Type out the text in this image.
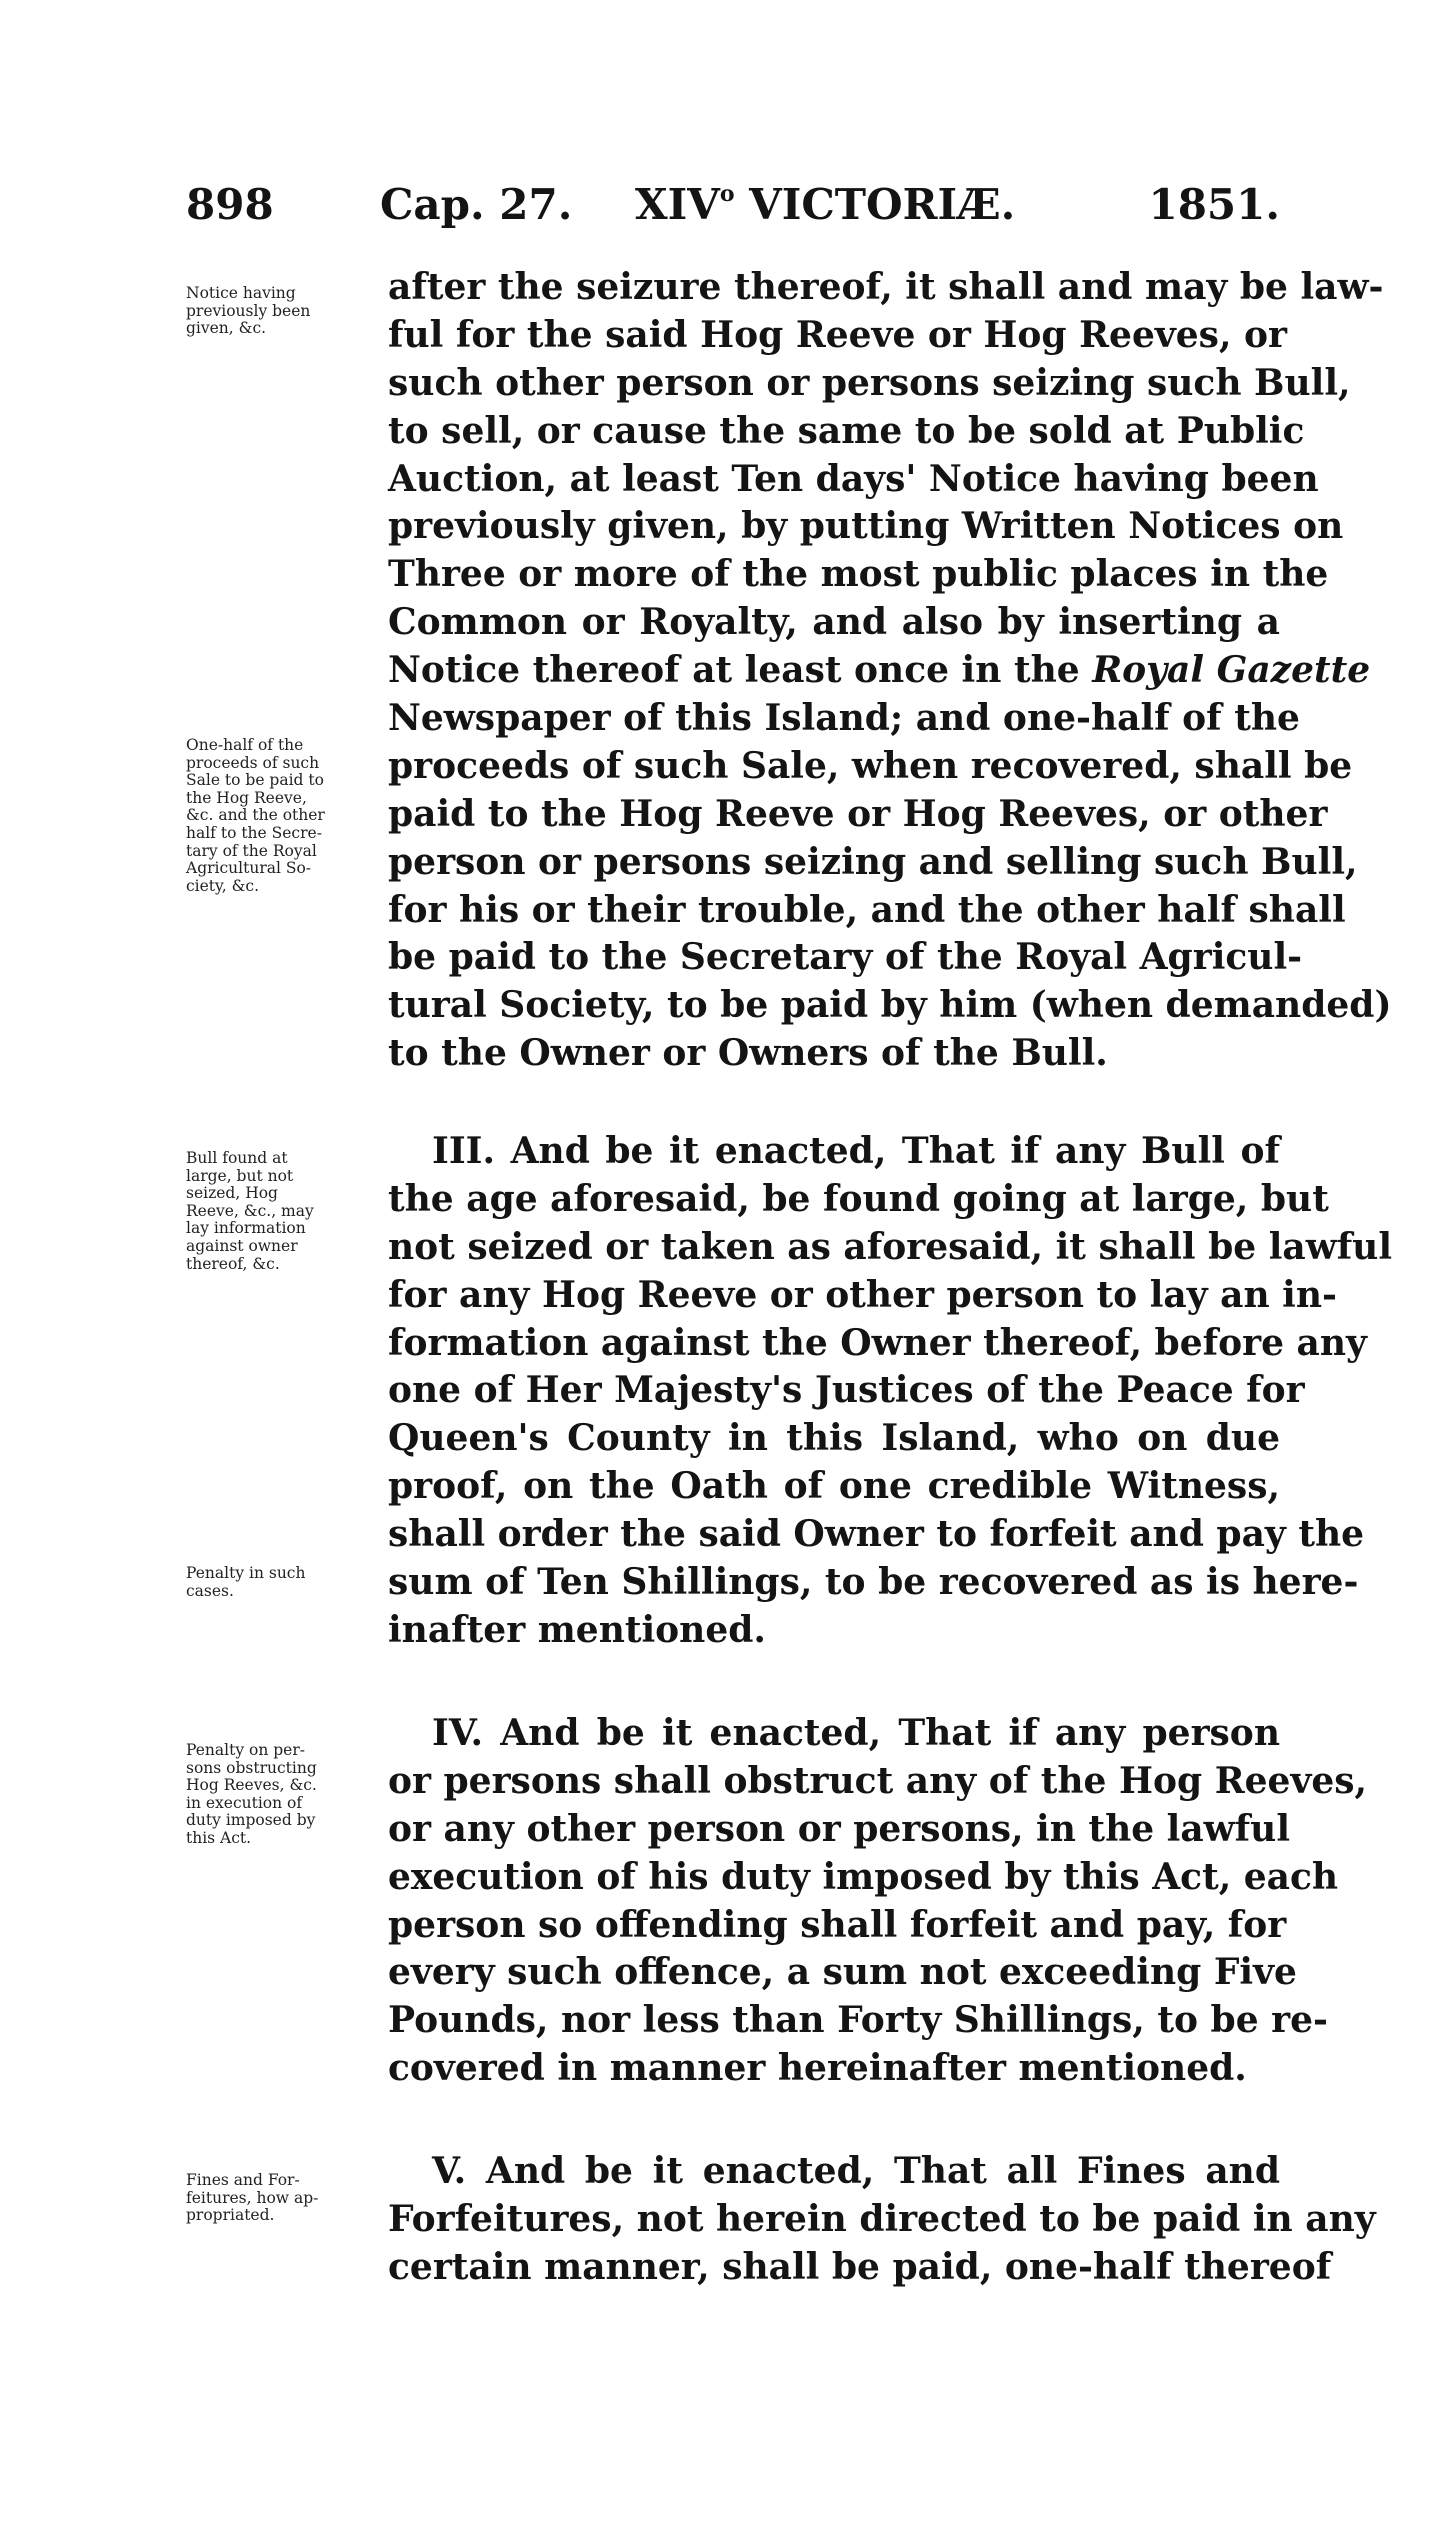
898	Cap. 27. XIV$^o$ VICTORIÆ.	1851.
after the seizure thereof, it shall and may be law-
ful for the said Hog Reeve or Hog Reeves, or
such other person or persons seizing such Bull,
to sell, or cause the same to be sold at Public
Auction, at least Ten days' Notice having been
previously given, by putting Written Notices on
Three or more of the most public places in the
Common or Royalty, and also by inserting a
Notice thereof at least once in the Royal Gazette
Newspaper of this Island; and one-half of the
proceeds of such Sale, when recovered, shall be
paid to the Hog Reeve or Hog Reeves, or other
person or persons seizing and selling such Bull,
for his or their trouble, and the other half shall
be paid to the Secretary of the Royal Agricul-
tural Society, to be paid by him (when demanded)
to the Owner or Owners of the Bull.
III. And be it enacted, That if any Bull of
the age aforesaid, be found going at large, but
not seized or taken as aforesaid, it shall be lawful
for any Hog Reeve or other person to lay an in-
formation against the Owner thereof, before any
one of Her Majesty's Justices of the Peace for
Queen's County in this Island, who on due
proof, on the Oath of one credible Witness,
shall order the said Owner to forfeit and pay the
sum of Ten Shillings, to be recovered as is here-
inafter mentioned.
IV. And be it enacted, That if any person
or persons shall obstruct any of the Hog Reeves,
or any other person or persons, in the lawful
execution of his duty imposed by this Act, each
person so offending shall forfeit and pay, for
every such offence, a sum not exceeding Five
Pounds, nor less than Forty Shillings, to be re-
covered in manner hereinafter mentioned.
V. And be it enacted, That all Fines and
Forfeitures, not herein directed to be paid in any
certain manner, shall be paid, one-half thereof
Notice having
previously been
given, &c.
One-half of the
proceeds of such
Sale to be paid to
the Hog Reeve,
&c. and the other
half to the Secre-
tary of the Royal
Agricultural So-
ciety, &c.
Bull found at
large, but not
seized, Hog
Reeve, &c., may
lay information
against owner
thereof, &c.
Penalty in such
cases.
Penalty on per-
sons obstructing
Hog Reeves, &c.
in execution of
duty imposed by
this Act.
Fines and For-
feitures, how ap-
propriated.
